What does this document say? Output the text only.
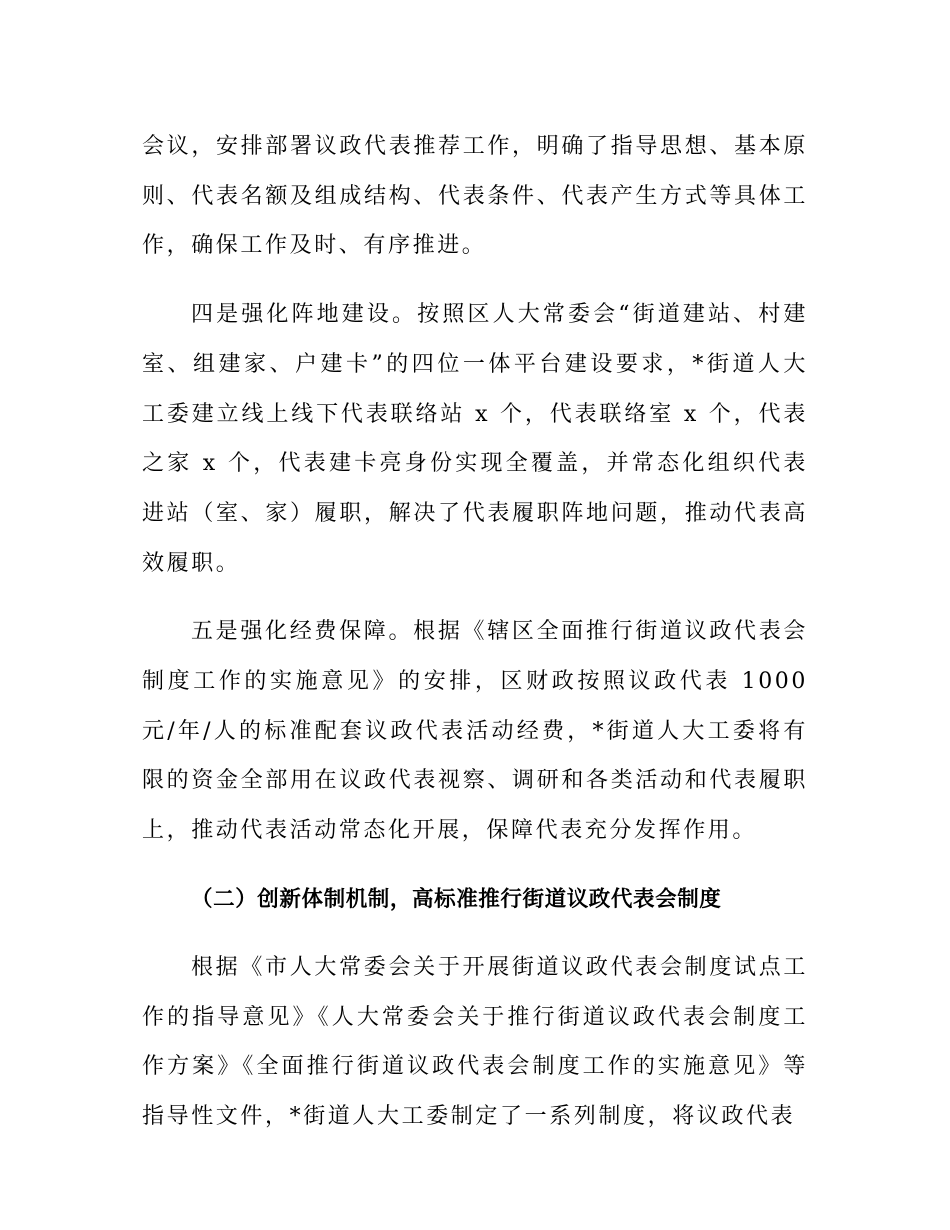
会议，安排部署议政代表推荐工作，明确了指导思想、基本原则、代表名额及组成结构、代表条件、代表产生方式等具体工作，确保工作及时、有序推进。

四是强化阵地建设。按照区人大常委会“街道建站、村建室、组建家、户建卡”的四位一体平台建设要求，*街道人大工委建立线上线下代表联络站 x 个，代表联络室 x 个，代表之家 x 个，代表建卡亮身份实现全覆盖，并常态化组织代表进站（室、家）履职，解决了代表履职阵地问题，推动代表高效履职。

五是强化经费保障。根据《辖区全面推行街道议政代表会制度工作的实施意见》的安排，区财政按照议政代表 1000 元/年/人的标准配套议政代表活动经费，*街道人大工委将有限的资金全部用在议政代表视察、调研和各类活动和代表履职上，推动代表活动常态化开展，保障代表充分发挥作用。

（二）创新体制机制，高标准推行街道议政代表会制度

根据《市人大常委会关于开展街道议政代表会制度试点工作的指导意见》《人大常委会关于推行街道议政代表会制度工作方案》《全面推行街道议政代表会制度工作的实施意见》等指导性文件，*街道人大工委制定了一系列制度，将议政代表
